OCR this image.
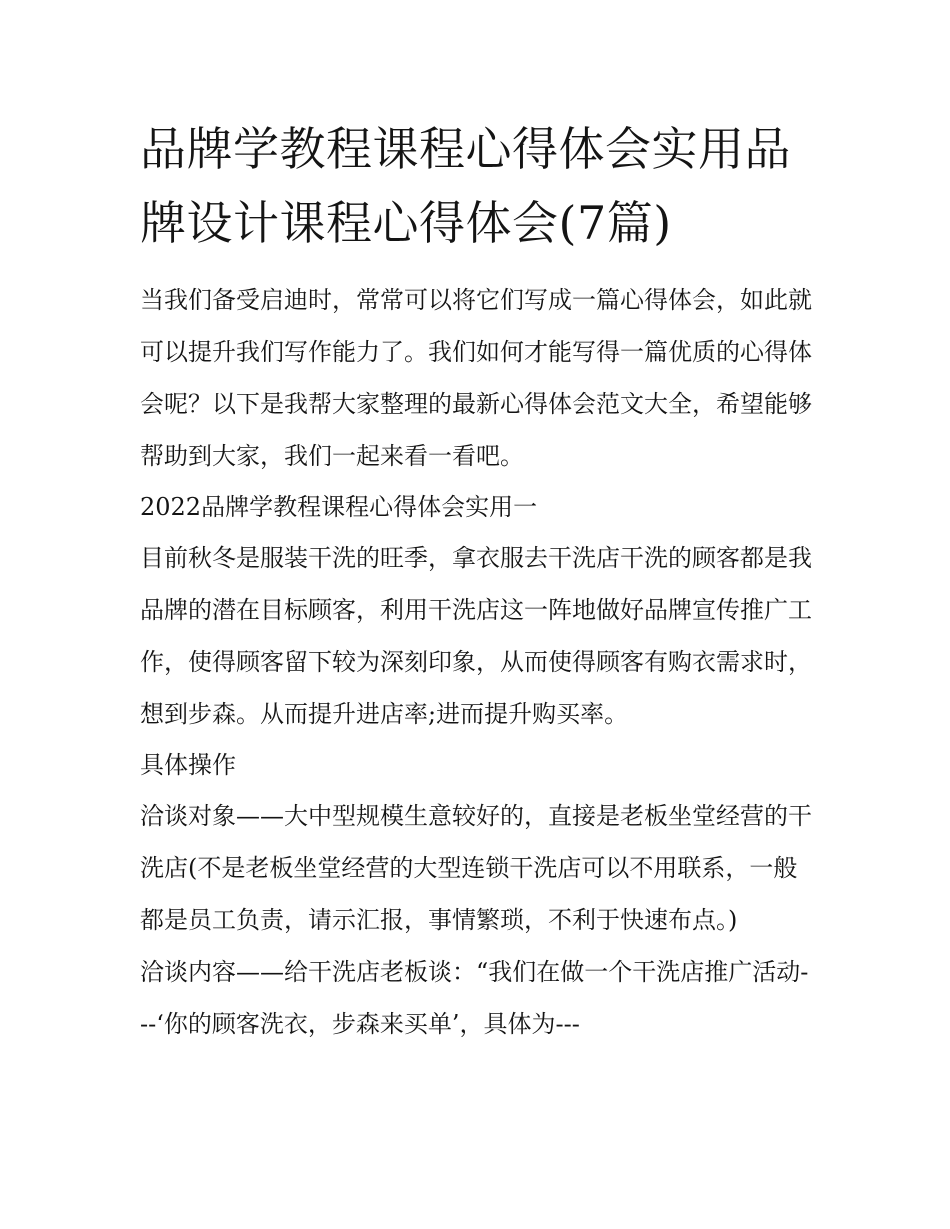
品牌学教程课程心得体会实用品牌设计课程心得体会(7篇)

当我们备受启迪时，常常可以将它们写成一篇心得体会，如此就可以提升我们写作能力了。我们如何才能写得一篇优质的心得体会呢？以下是我帮大家整理的最新心得体会范文大全，希望能够帮助到大家，我们一起来看一看吧。

2022品牌学教程课程心得体会实用一

目前秋冬是服装干洗的旺季，拿衣服去干洗店干洗的顾客都是我品牌的潜在目标顾客，利用干洗店这一阵地做好品牌宣传推广工作，使得顾客留下较为深刻印象，从而使得顾客有购衣需求时，想到步森。从而提升进店率;进而提升购买率。

具体操作

洽谈对象——大中型规模生意较好的，直接是老板坐堂经营的干洗店(不是老板坐堂经营的大型连锁干洗店可以不用联系，一般都是员工负责，请示汇报，事情繁琐，不利于快速布点。)

洽谈内容——给干洗店老板谈：“我们在做一个干洗店推广活动---‘你的顾客洗衣，步森来买单’，具体为---
